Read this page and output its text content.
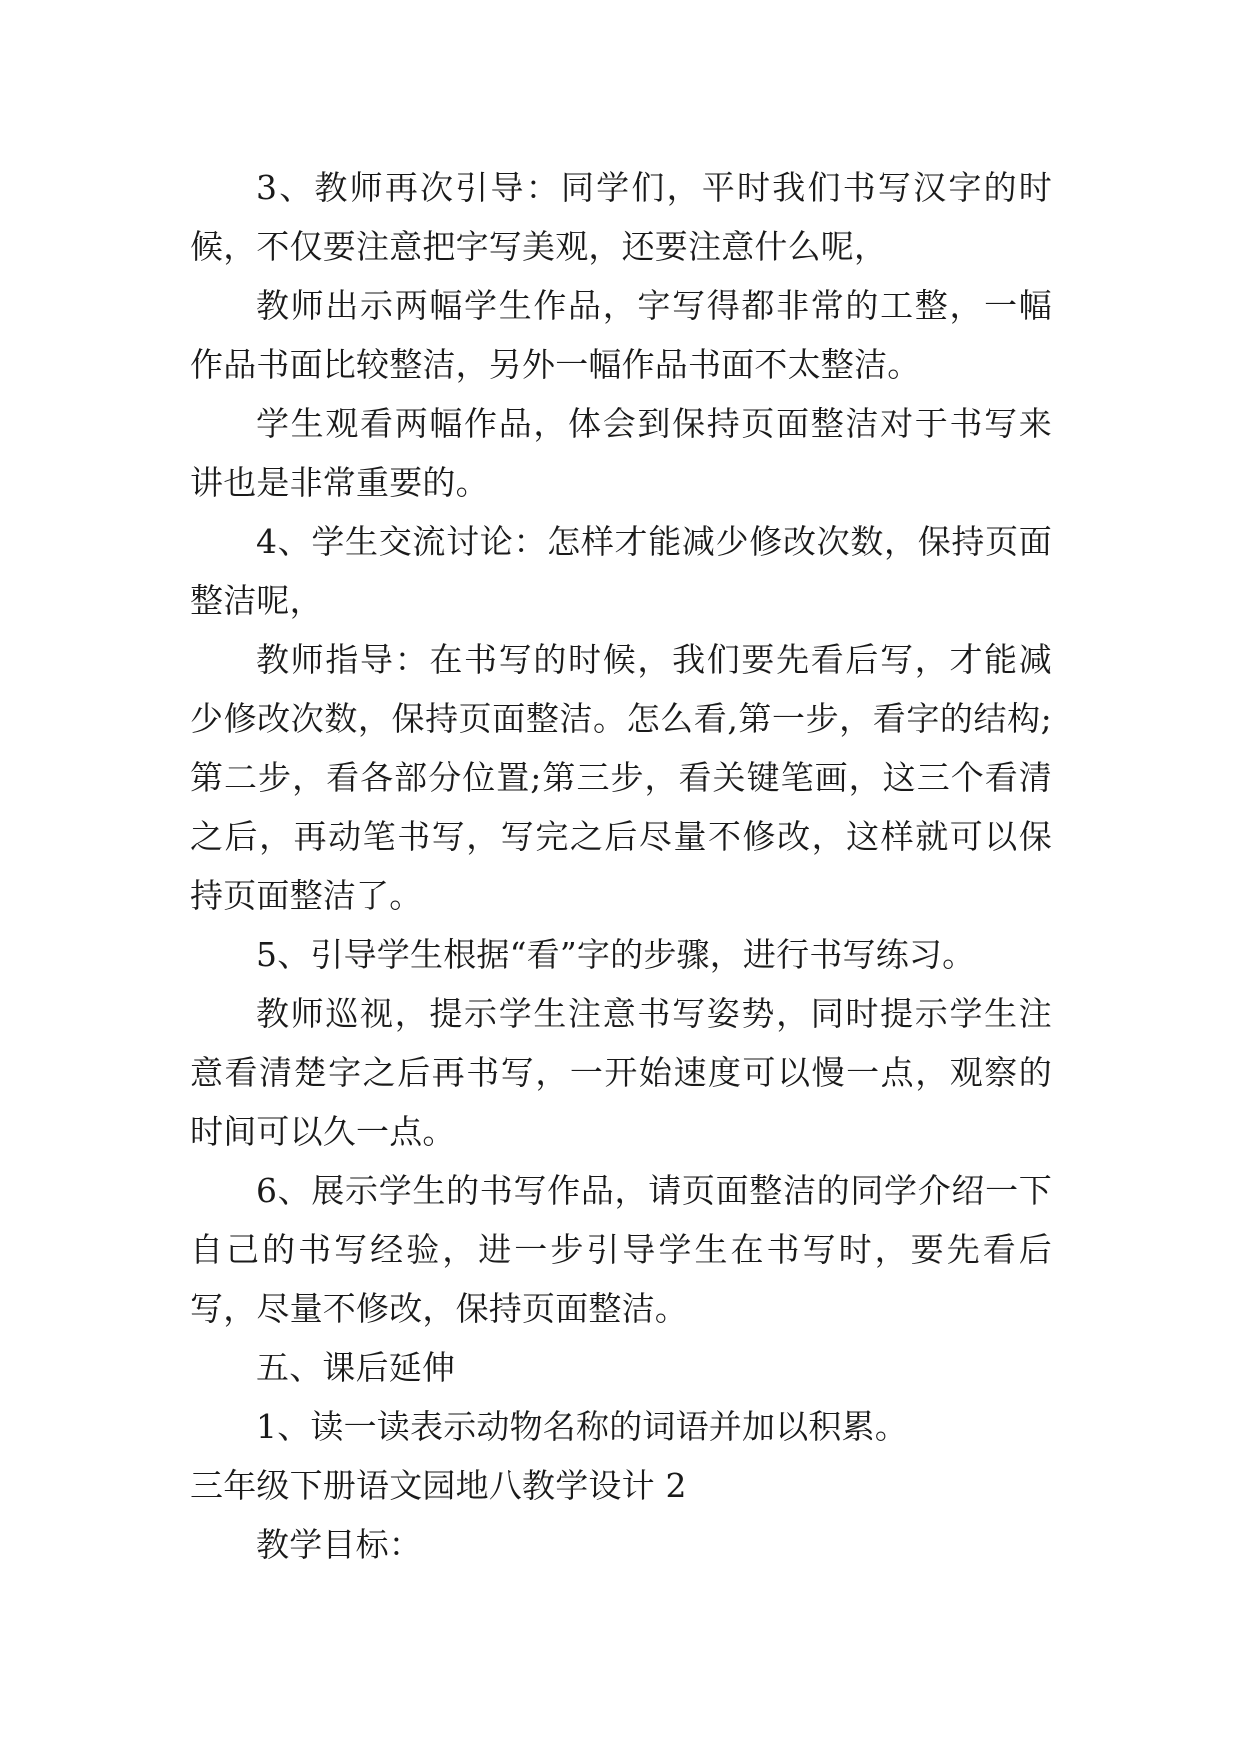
3、教师再次引导：同学们，平时我们书写汉字的时候，不仅要注意把字写美观，还要注意什么呢，

教师出示两幅学生作品，字写得都非常的工整，一幅作品书面比较整洁，另外一幅作品书面不太整洁。

学生观看两幅作品，体会到保持页面整洁对于书写来讲也是非常重要的。

4、学生交流讨论：怎样才能减少修改次数，保持页面整洁呢，

教师指导：在书写的时候，我们要先看后写，才能减少修改次数，保持页面整洁。怎么看,第一步，看字的结构;第二步，看各部分位置;第三步，看关键笔画，这三个看清之后，再动笔书写，写完之后尽量不修改，这样就可以保持页面整洁了。

5、引导学生根据“看”字的步骤，进行书写练习。

教师巡视，提示学生注意书写姿势，同时提示学生注意看清楚字之后再书写，一开始速度可以慢一点，观察的时间可以久一点。

6、展示学生的书写作品，请页面整洁的同学介绍一下自己的书写经验，进一步引导学生在书写时，要先看后写，尽量不修改，保持页面整洁。

五、课后延伸

1、读一读表示动物名称的词语并加以积累。

三年级下册语文园地八教学设计 2

教学目标：
